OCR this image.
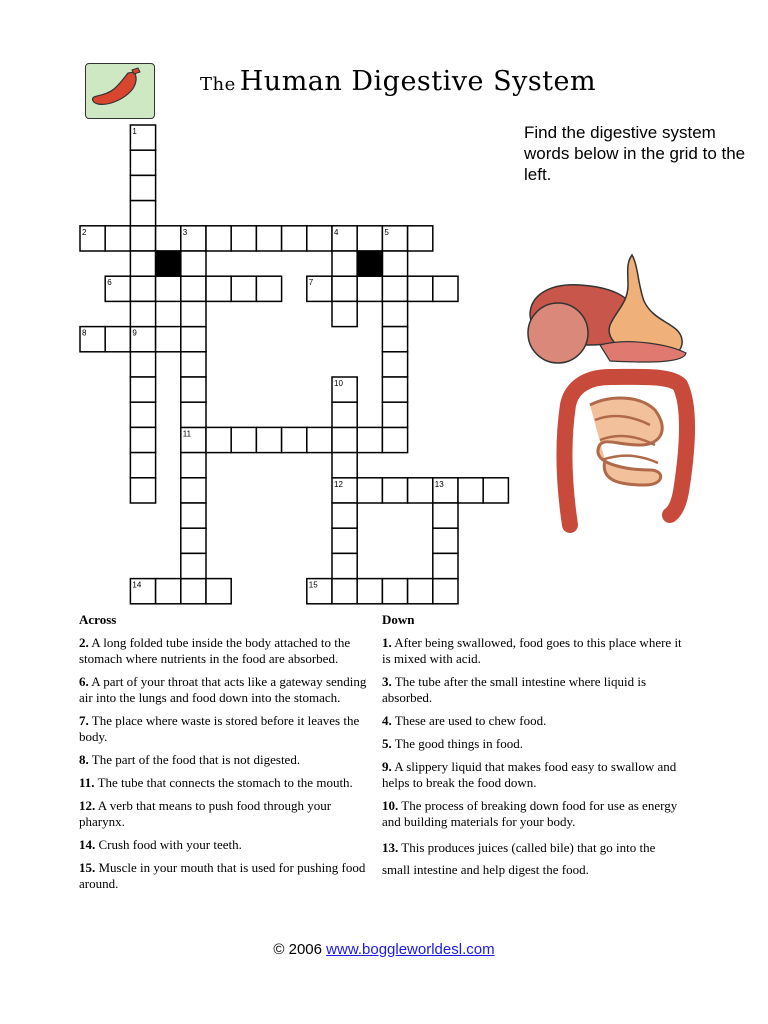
The Human Digestive System
Find the digestive system words below in the grid to the left.
1
2	3	4	5
6	7
8	9
10
11
12	13
14	15
Across
2. A long folded tube inside the body attached to the stomach where nutrients in the food are absorbed.
6. A part of your throat that acts like a gateway sending air into the lungs and food down into the stomach.
7. The place where waste is stored before it leaves the body.
8. The part of the food that is not digested.
11. The tube that connects the stomach to the mouth.
12. A verb that means to push food through your pharynx.
14. Crush food with your teeth.
15. Muscle in your mouth that is used for pushing food around.
Down
1. After being swallowed, food goes to this place where it is mixed with acid.
3. The tube after the small intestine where liquid is absorbed.
4. These are used to chew food.
5. The good things in food.
9. A slippery liquid that makes food easy to swallow and helps to break the food down.
10. The process of breaking down food for use as energy and building materials for your body.
13. This produces juices (called bile) that go into the small intestine and help digest the food.
© 2006 www.boggleworldesl.com
